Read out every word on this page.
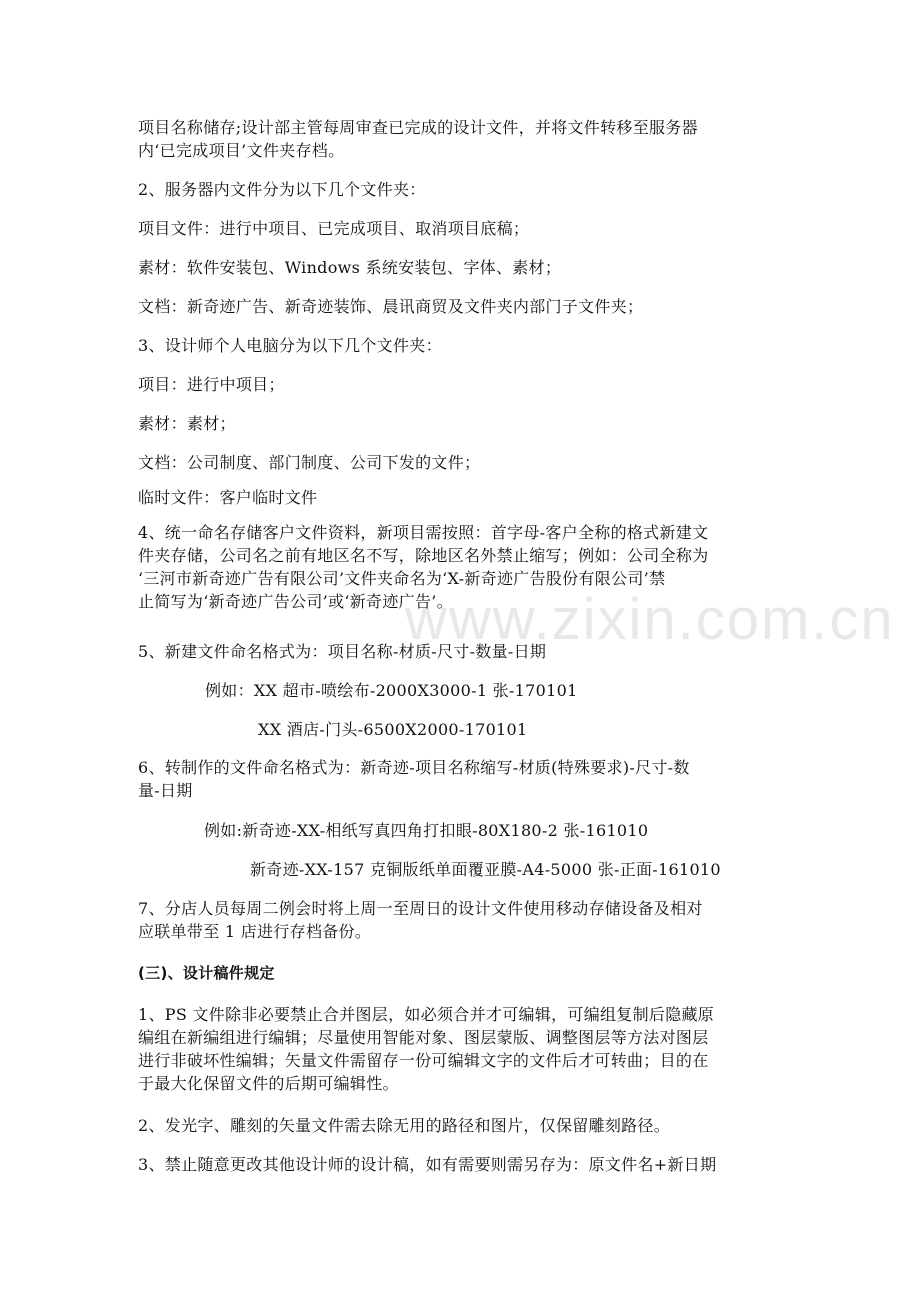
www.zixin.com.cn

项目名称储存;设计部主管每周审查已完成的设计文件，并将文件转移至服务器
内‘已完成项目’文件夹存档。

2、服务器内文件分为以下几个文件夹：

项目文件：进行中项目、已完成项目、取消项目底稿；

素材：软件安装包、Windows 系统安装包、字体、素材；

文档：新奇迹广告、新奇迹装饰、晨讯商贸及文件夹内部门子文件夹；

3、设计师个人电脑分为以下几个文件夹：

项目：进行中项目；

素材：素材；

文档：公司制度、部门制度、公司下发的文件；

临时文件：客户临时文件

4、统一命名存储客户文件资料，新项目需按照：首字母-客户全称的格式新建文
件夹存储，公司名之前有地区名不写，除地区名外禁止缩写；例如：公司全称为
‘三河市新奇迹广告有限公司’文件夹命名为‘X-新奇迹广告股份有限公司’禁
止简写为‘新奇迹广告公司’或‘新奇迹广告’。

5、新建文件命名格式为：项目名称-材质-尺寸-数量-日期

例如：XX 超市-喷绘布-2000X3000-1 张-170101

XX 酒店-门头-6500X2000-170101

6、转制作的文件命名格式为：新奇迹-项目名称缩写-材质(特殊要求)-尺寸-数
量-日期

例如:新奇迹-XX-相纸写真四角打扣眼-80X180-2 张-161010

新奇迹-XX-157 克铜版纸单面覆亚膜-A4-5000 张-正面-161010

7、分店人员每周二例会时将上周一至周日的设计文件使用移动存储设备及相对
应联单带至 1 店进行存档备份。

(三)、设计稿件规定

1、PS 文件除非必要禁止合并图层，如必须合并才可编辑，可编组复制后隐藏原
编组在新编组进行编辑；尽量使用智能对象、图层蒙版、调整图层等方法对图层
进行非破坏性编辑；矢量文件需留存一份可编辑文字的文件后才可转曲；目的在
于最大化保留文件的后期可编辑性。

2、发光字、雕刻的矢量文件需去除无用的路径和图片，仅保留雕刻路径。

3、禁止随意更改其他设计师的设计稿，如有需要则需另存为：原文件名+新日期
